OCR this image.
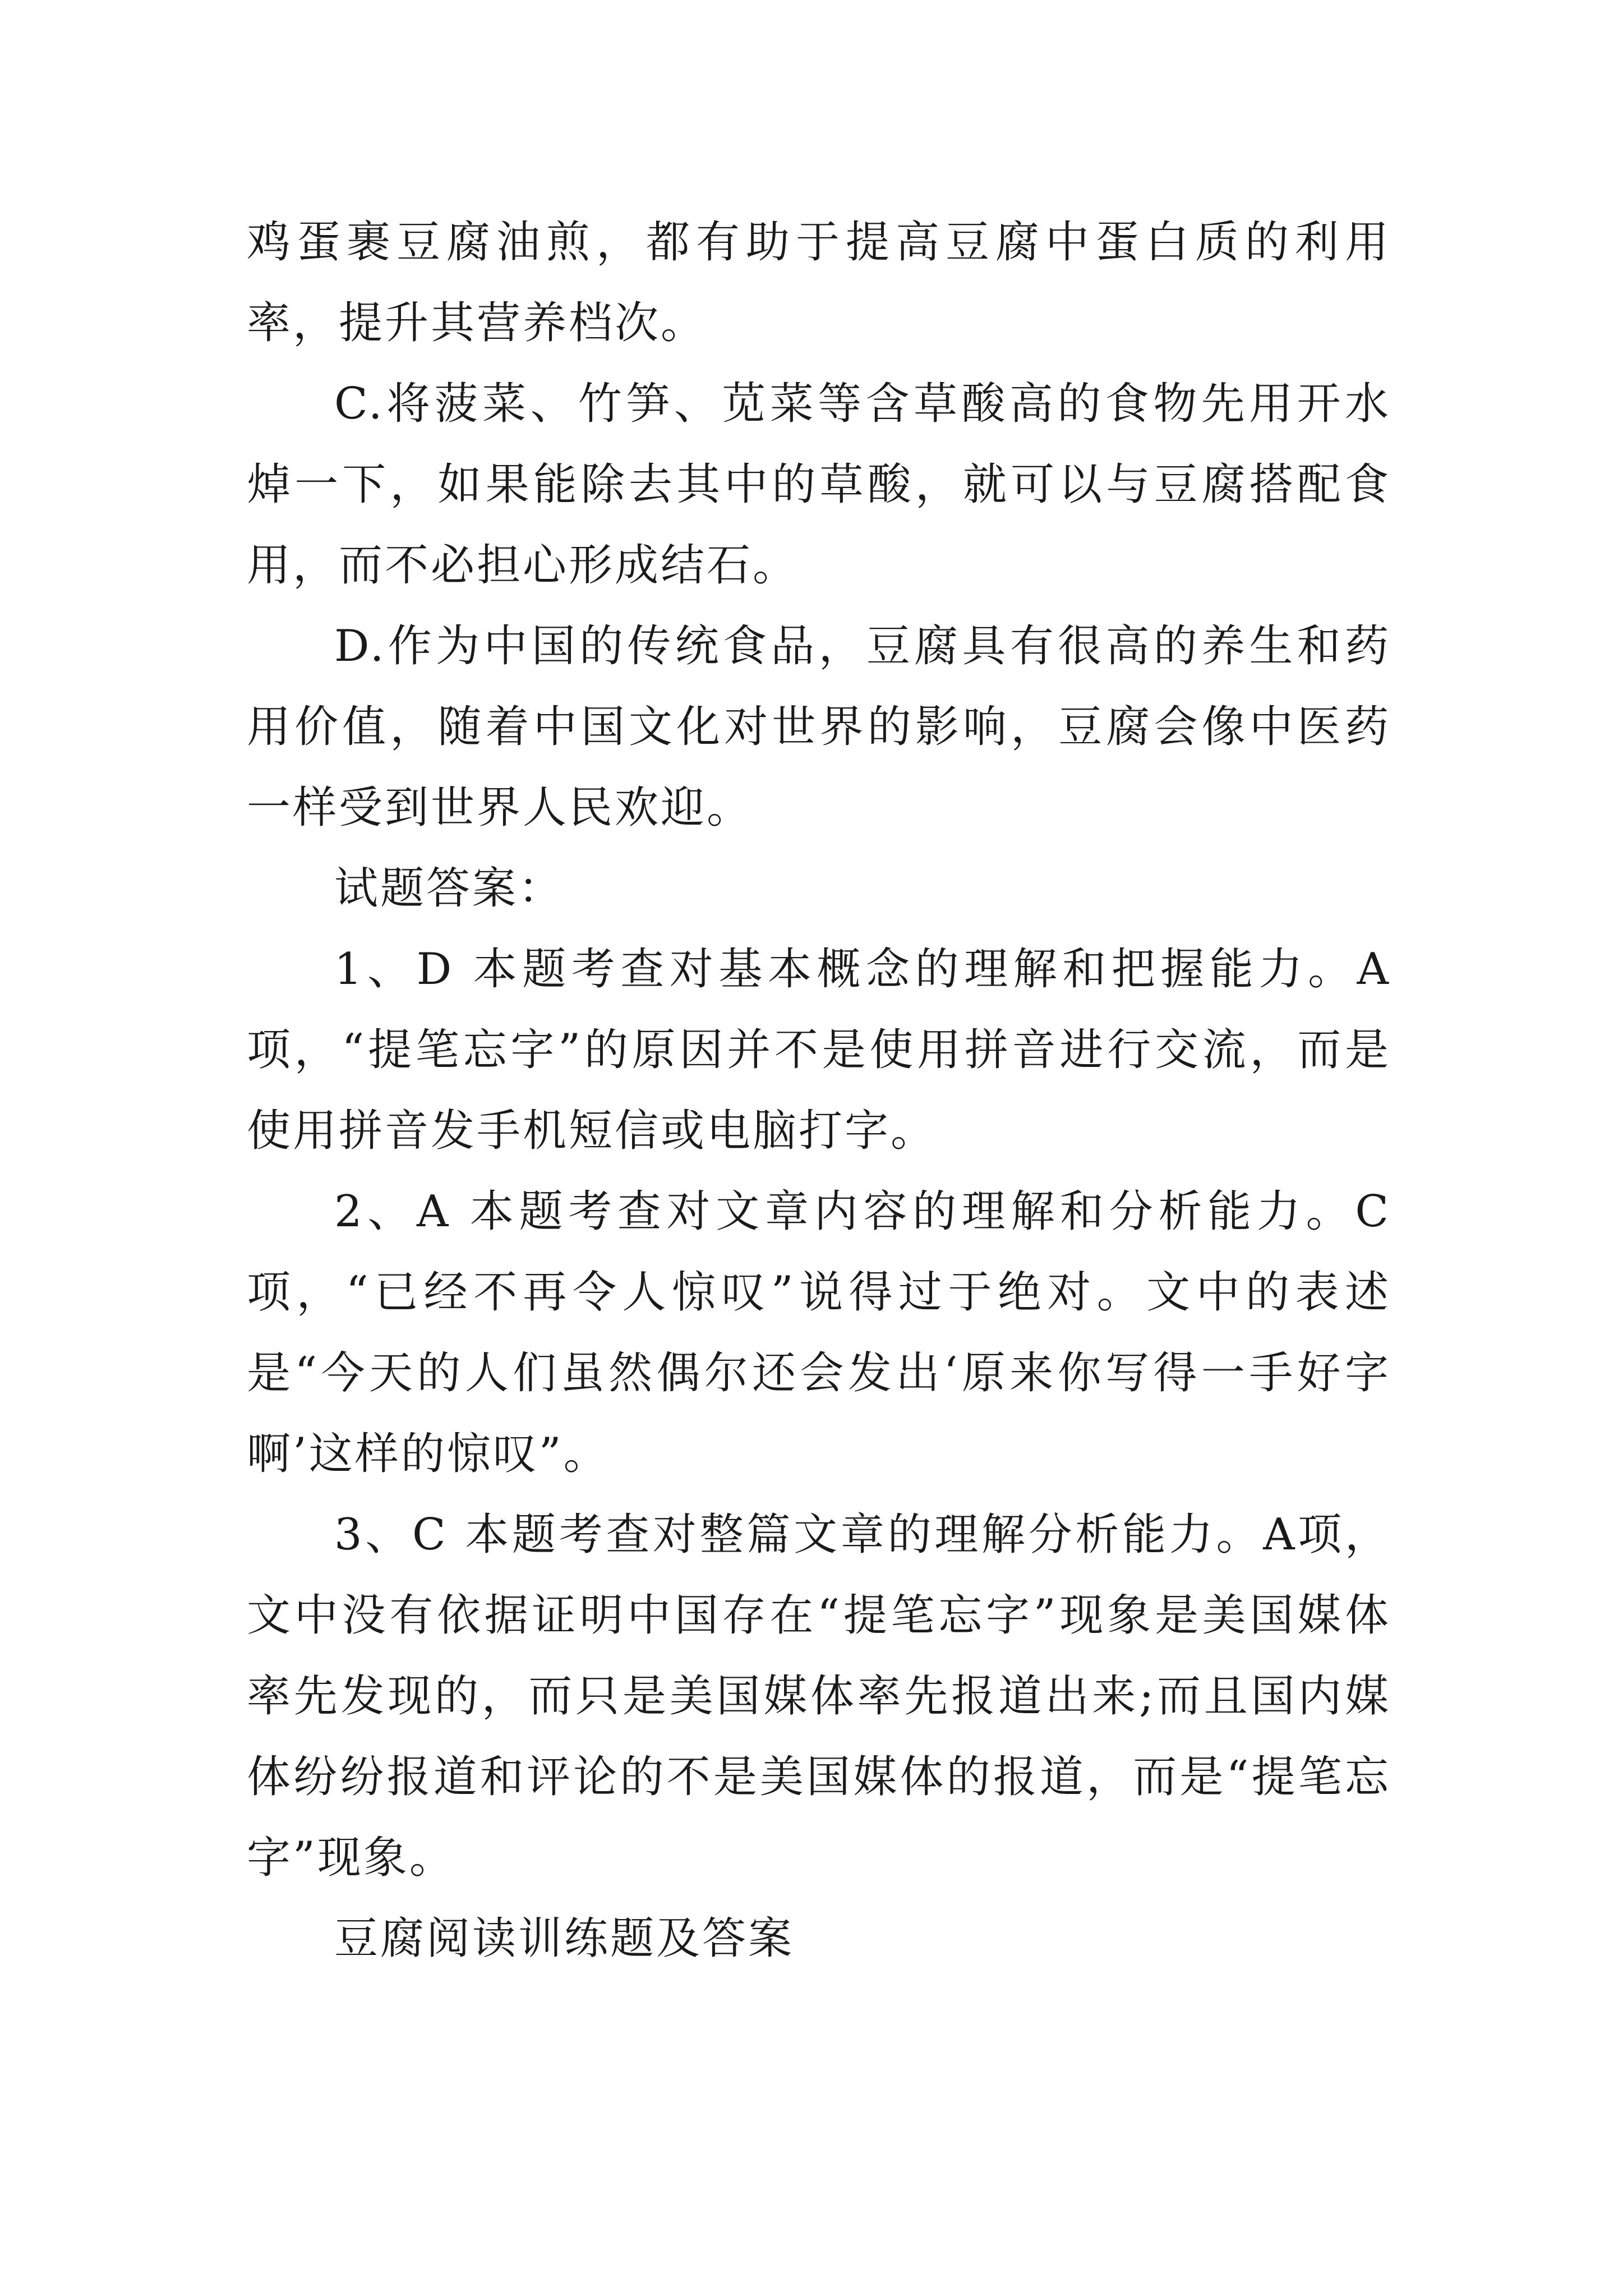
鸡蛋裹豆腐油煎，都有助于提高豆腐中蛋白质的利用率，提升其营养档次。

C.将菠菜、竹笋、苋菜等含草酸高的食物先用开水焯一下，如果能除去其中的草酸，就可以与豆腐搭配食用，而不必担心形成结石。

D.作为中国的传统食品，豆腐具有很高的养生和药用价值，随着中国文化对世界的影响，豆腐会像中医药一样受到世界人民欢迎。

试题答案：

1、D 本题考查对基本概念的理解和把握能力。A项，“提笔忘字”的原因并不是使用拼音进行交流，而是使用拼音发手机短信或电脑打字。

2、A 本题考查对文章内容的理解和分析能力。C项，“已经不再令人惊叹”说得过于绝对。文中的表述是“今天的人们虽然偶尔还会发出‘原来你写得一手好字啊’这样的惊叹”。

3、C 本题考查对整篇文章的理解分析能力。A项，文中没有依据证明中国存在“提笔忘字”现象是美国媒体率先发现的，而只是美国媒体率先报道出来;而且国内媒体纷纷报道和评论的不是美国媒体的报道，而是“提笔忘字”现象。

豆腐阅读训练题及答案
